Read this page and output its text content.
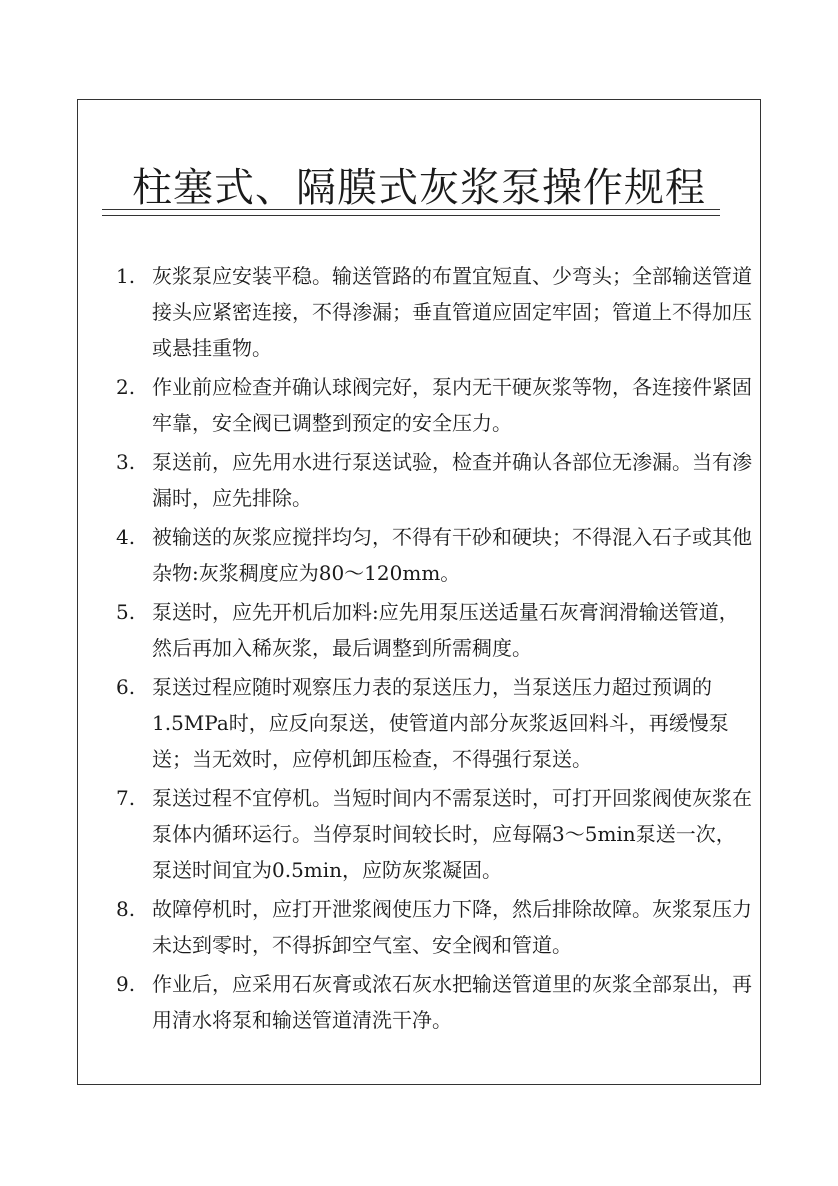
柱塞式、隔膜式灰浆泵操作规程
1. 灰浆泵应安装平稳。输送管路的布置宜短直、少弯头；全部输送管道接头应紧密连接，不得渗漏；垂直管道应固定牢固；管道上不得加压或悬挂重物。
2. 作业前应检查并确认球阀完好，泵内无干硬灰浆等物，各连接件紧固牢靠，安全阀已调整到预定的安全压力。
3. 泵送前，应先用水进行泵送试验，检查并确认各部位无渗漏。当有渗漏时，应先排除。
4. 被输送的灰浆应搅拌均匀，不得有干砂和硬块；不得混入石子或其他杂物:灰浆稠度应为80～120mm。
5. 泵送时，应先开机后加料:应先用泵压送适量石灰膏润滑输送管道，然后再加入稀灰浆，最后调整到所需稠度。
6. 泵送过程应随时观察压力表的泵送压力，当泵送压力超过预调的1.5MPa时，应反向泵送，使管道内部分灰浆返回料斗，再缓慢泵送；当无效时，应停机卸压检查，不得强行泵送。
7. 泵送过程不宜停机。当短时间内不需泵送时，可打开回浆阀使灰浆在泵体内循环运行。当停泵时间较长时，应每隔3～5min泵送一次，泵送时间宜为0.5min，应防灰浆凝固。
8. 故障停机时，应打开泄浆阀使压力下降，然后排除故障。灰浆泵压力未达到零时，不得拆卸空气室、安全阀和管道。
9. 作业后，应采用石灰膏或浓石灰水把输送管道里的灰浆全部泵出，再用清水将泵和输送管道清洗干净。
